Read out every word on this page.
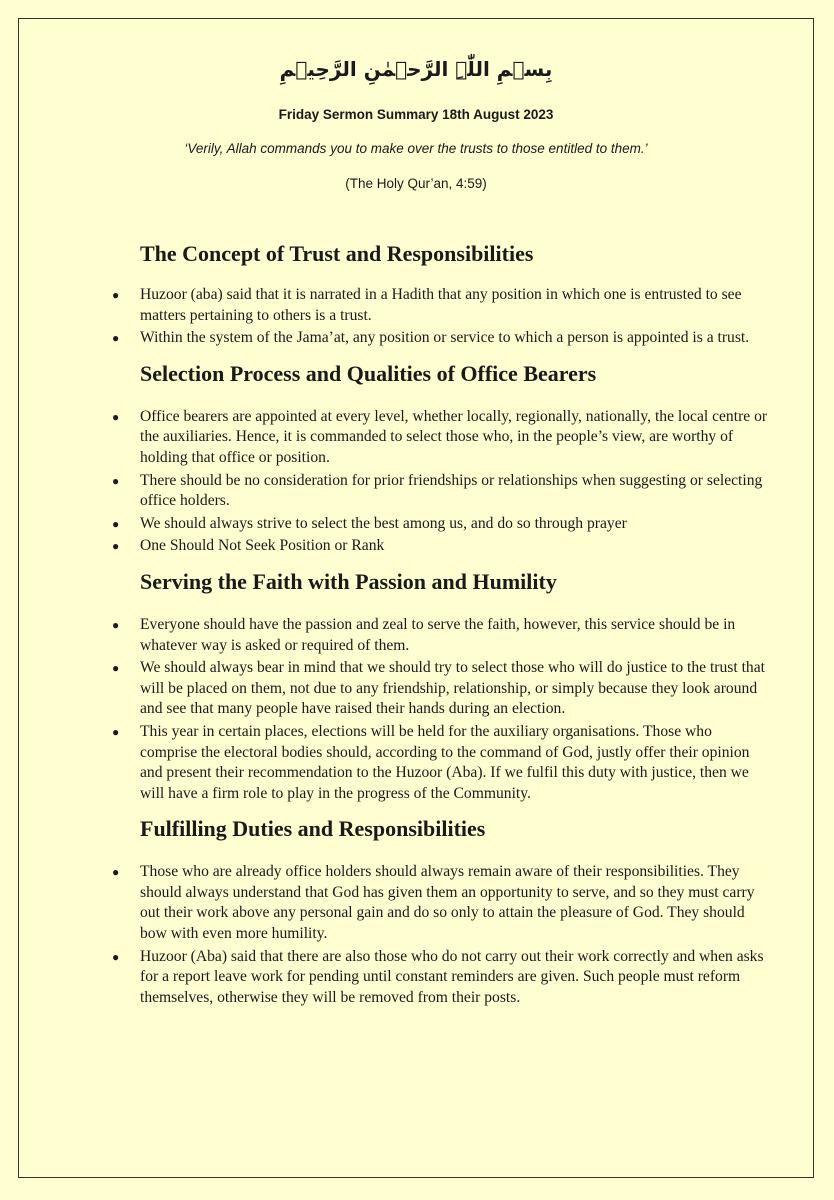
بِسۡمِ اللّٰہِ الرَّحۡمٰنِ الرَّحِیۡمِ
Friday Sermon Summary 18th August 2023
‘Verily, Allah commands you to make over the trusts to those entitled to them.’
(The Holy Qur’an, 4:59)
The Concept of Trust and Responsibilities
● Huzoor (aba) said that it is narrated in a Hadith that any position in which one is entrusted to see matters pertaining to others is a trust.
● Within the system of the Jama’at, any position or service to which a person is appointed is a trust.
Selection Process and Qualities of Office Bearers
● Office bearers are appointed at every level, whether locally, regionally, nationally, the local centre or the auxiliaries. Hence, it is commanded to select those who, in the people’s view, are worthy of holding that office or position.
● There should be no consideration for prior friendships or relationships when suggesting or selecting office holders.
● We should always strive to select the best among us, and do so through prayer
● One Should Not Seek Position or Rank
Serving the Faith with Passion and Humility
● Everyone should have the passion and zeal to serve the faith, however, this service should be in whatever way is asked or required of them.
● We should always bear in mind that we should try to select those who will do justice to the trust that will be placed on them, not due to any friendship, relationship, or simply because they look around and see that many people have raised their hands during an election.
● This year in certain places, elections will be held for the auxiliary organisations. Those who comprise the electoral bodies should, according to the command of God, justly offer their opinion and present their recommendation to the Huzoor (Aba). If we fulfil this duty with justice, then we will have a firm role to play in the progress of the Community.
Fulfilling Duties and Responsibilities
● Those who are already office holders should always remain aware of their responsibilities. They should always understand that God has given them an opportunity to serve, and so they must carry out their work above any personal gain and do so only to attain the pleasure of God. They should bow with even more humility.
● Huzoor (Aba) said that there are also those who do not carry out their work correctly and when asks for a report leave work for pending until constant reminders are given. Such people must reform themselves, otherwise they will be removed from their posts.
